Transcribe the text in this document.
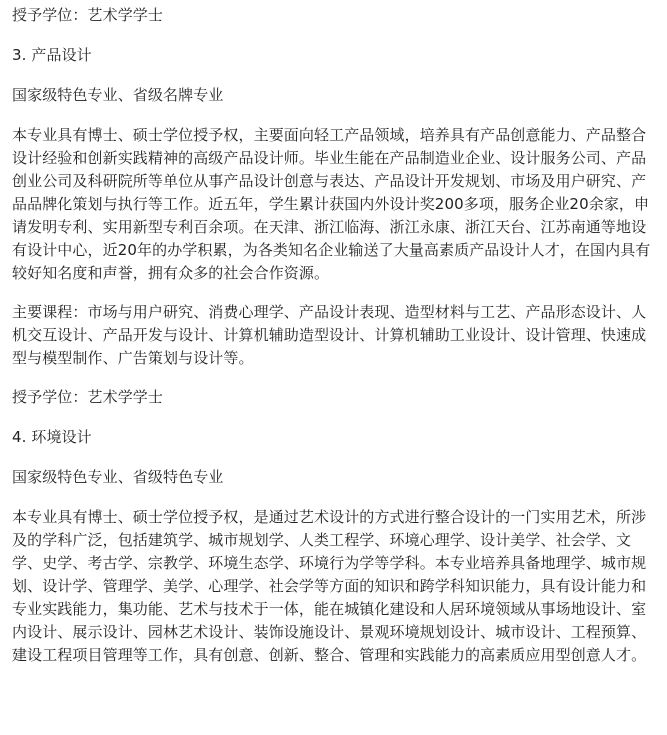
授予学位：艺术学学士

3. 产品设计

国家级特色专业、省级名牌专业

本专业具有博士、硕士学位授予权，主要面向轻工产品领域，培养具有产品创意能力、产品整合设计经验和创新实践精神的高级产品设计师。毕业生能在产品制造业企业、设计服务公司、产品创业公司及科研院所等单位从事产品设计创意与表达、产品设计开发规划、市场及用户研究、产品品牌化策划与执行等工作。近五年，学生累计获国内外设计奖200多项，服务企业20余家，申请发明专利、实用新型专利百余项。在天津、浙江临海、浙江永康、浙江天台、江苏南通等地设有设计中心，近20年的办学积累，为各类知名企业输送了大量高素质产品设计人才，在国内具有较好知名度和声誉，拥有众多的社会合作资源。

主要课程：市场与用户研究、消费心理学、产品设计表现、造型材料与工艺、产品形态设计、人机交互设计、产品开发与设计、计算机辅助造型设计、计算机辅助工业设计、设计管理、快速成型与模型制作、广告策划与设计等。

授予学位：艺术学学士

4. 环境设计

国家级特色专业、省级特色专业

本专业具有博士、硕士学位授予权，是通过艺术设计的方式进行整合设计的一门实用艺术，所涉及的学科广泛，包括建筑学、城市规划学、人类工程学、环境心理学、设计美学、社会学、文学、史学、考古学、宗教学、环境生态学、环境行为学等学科。本专业培养具备地理学、城市规划、设计学、管理学、美学、心理学、社会学等方面的知识和跨学科知识能力，具有设计能力和专业实践能力，集功能、艺术与技术于一体，能在城镇化建设和人居环境领域从事场地设计、室内设计、展示设计、园林艺术设计、装饰设施设计、景观环境规划设计、城市设计、工程预算、建设工程项目管理等工作，具有创意、创新、整合、管理和实践能力的高素质应用型创意人才。
